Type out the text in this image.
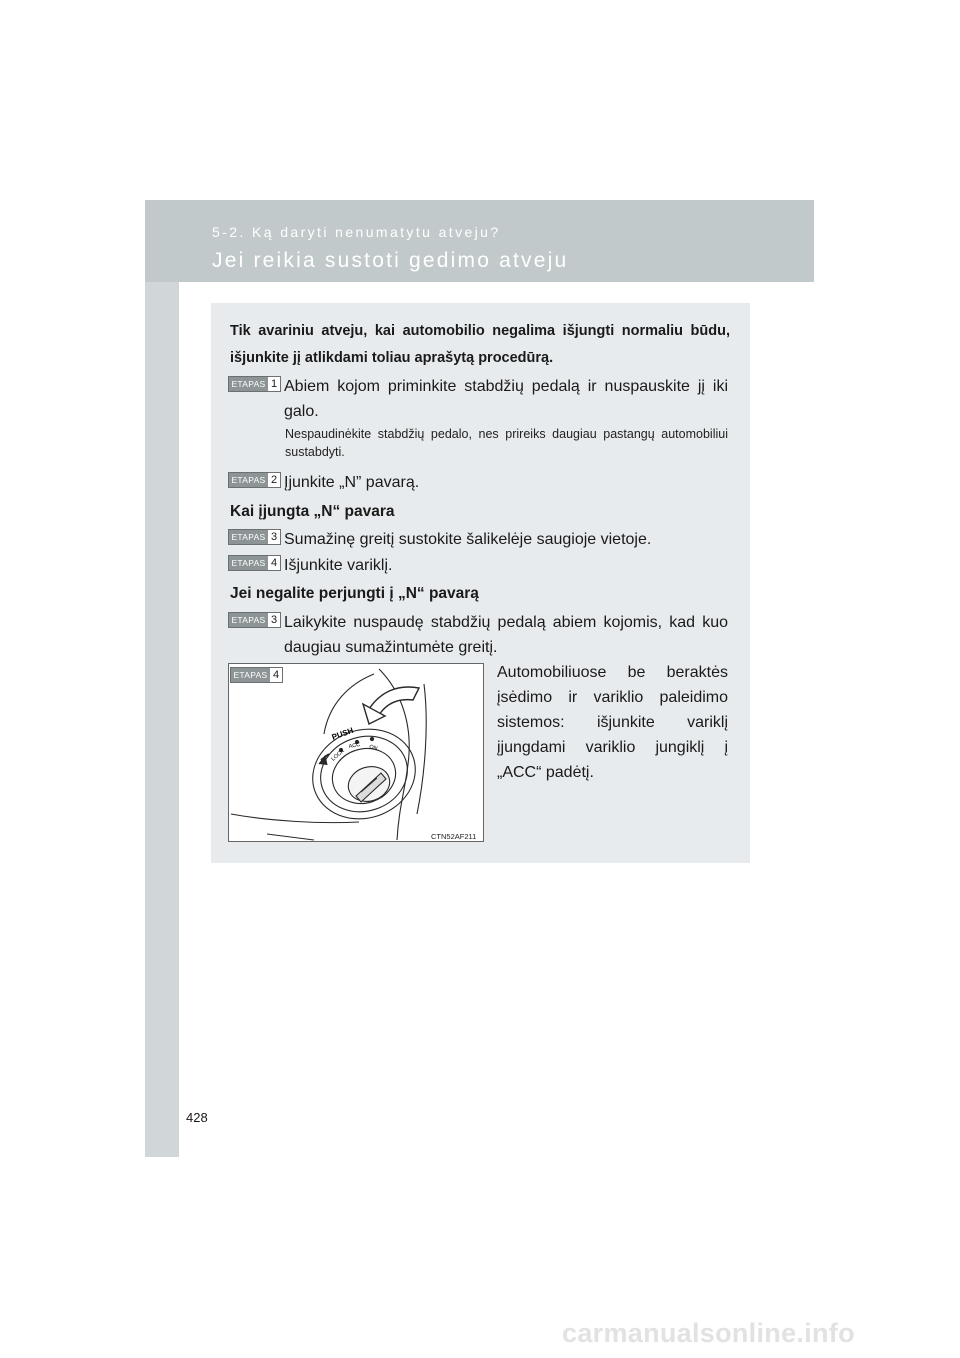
5-2. Ką daryti nenumatytu atveju?
Jei reikia sustoti gedimo atveju
Tik avariniu atveju, kai automobilio negalima išjungti normaliu būdu, išjunkite jį atlikdami toliau aprašytą procedūrą.
ETAPAS 1 Abiem kojom priminkite stabdžių pedalą ir nuspauskite jį iki galo.
Nespaudinėkite stabdžių pedalo, nes prireiks daugiau pastangų automobiliui sustabdyti.
ETAPAS 2 Įjunkite „N” pavarą.
Kai įjungta „N“ pavara
ETAPAS 3 Sumažinę greitį sustokite šalikelėje saugioje vietoje.
ETAPAS 4 Išjunkite variklį.
Jei negalite perjungti į „N“ pavarą
ETAPAS 3 Laikykite nuspaudę stabdžių pedalą abiem kojomis, kad kuo daugiau sumažintumėte greitį.
PUSH
LOCK
ACC ON
ETAPAS 4
CTN52AF211
Automobiliuose be beraktės įsėdimo ir variklio paleidimo sistemos: išjunkite variklį įjungdami variklio jungiklį į „ACC“ padėtį.
428
carmanualsonline.info
